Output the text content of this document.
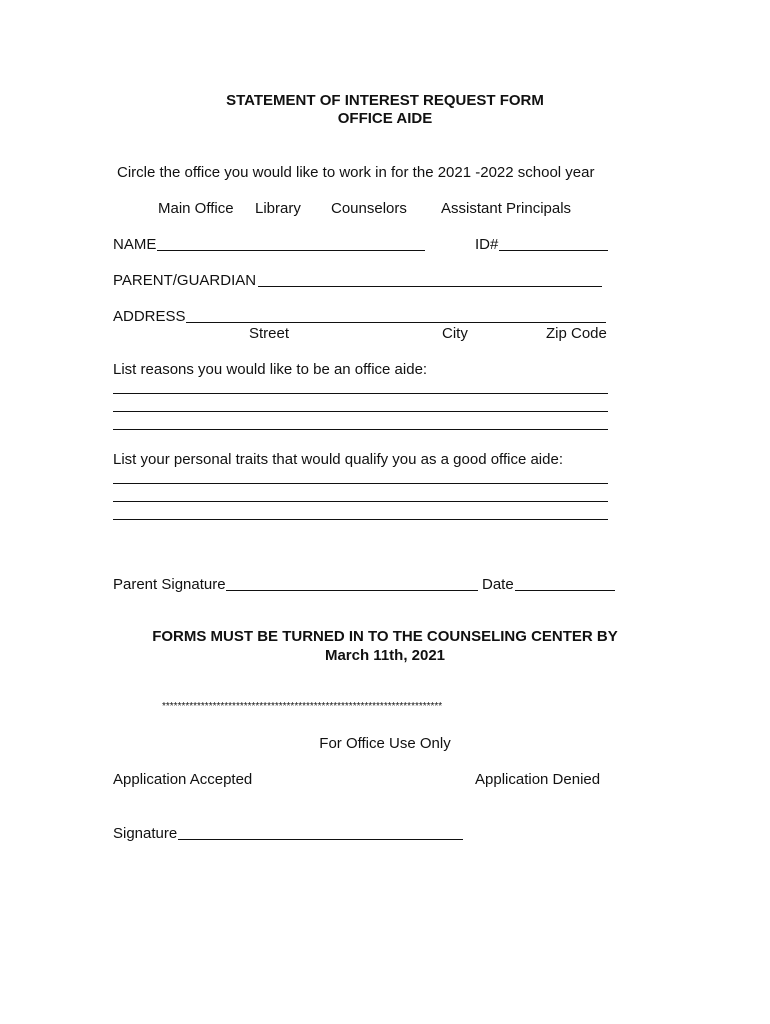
STATEMENT OF INTEREST REQUEST FORM
OFFICE AIDE
Circle the office you would like to work in for the 2021 -2022 school year
Main Office Library Counselors Assistant Principals
NAME	ID#
PARENT/GUARDIAN
ADDRESS
Street	City	Zip Code
List reasons you would like to be an office aide:
List your personal traits that would qualify you as a good office aide:
Parent Signature	Date
FORMS MUST BE TURNED IN TO THE COUNSELING CENTER BY
March 11th, 2021
************************************************************************
For Office Use Only
Application Accepted	Application Denied
Signature
